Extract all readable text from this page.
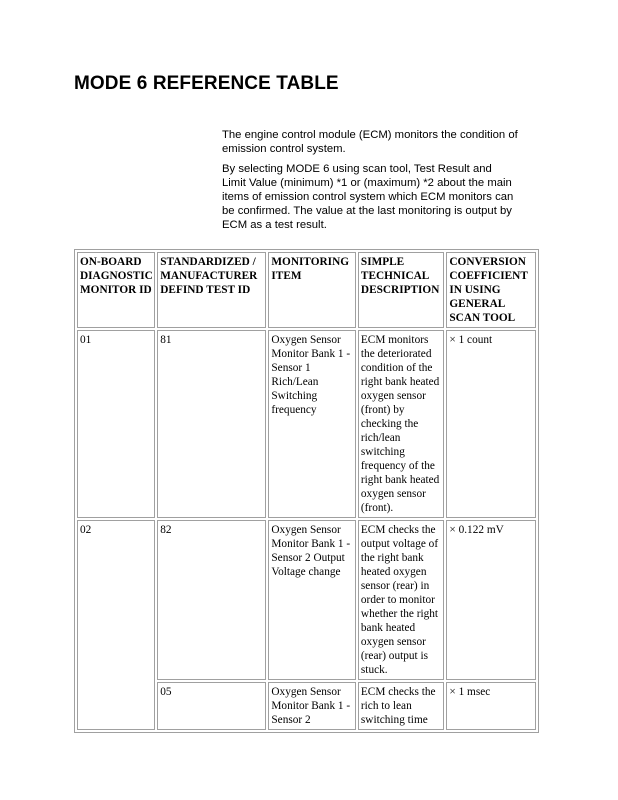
MODE 6 REFERENCE TABLE

The engine control module (ECM) monitors the condition of emission control system.

By selecting MODE 6 using scan tool, Test Result and Limit Value (minimum) *1 or (maximum) *2 about the main items of emission control system which ECM monitors can be confirmed. The value at the last monitoring is output by ECM as a test result.

ON-BOARD DIAGNOSTIC MONITOR ID	STANDARDIZED / MANUFACTURER DEFIND TEST ID	MONITORING ITEM	SIMPLE TECHNICAL DESCRIPTION	CONVERSION COEFFICIENT IN USING GENERAL SCAN TOOL
01	81	Oxygen Sensor Monitor Bank 1 - Sensor 1 Rich/Lean Switching frequency	ECM monitors the deteriorated condition of the right bank heated oxygen sensor (front) by checking the rich/lean switching frequency of the right bank heated oxygen sensor (front).	× 1 count
02	82	Oxygen Sensor Monitor Bank 1 - Sensor 2 Output Voltage change	ECM checks the output voltage of the right bank heated oxygen sensor (rear) in order to monitor whether the right bank heated oxygen sensor (rear) output is stuck.	× 0.122 mV
	05	Oxygen Sensor Monitor Bank 1 - Sensor 2	ECM checks the rich to lean switching time	× 1 msec
